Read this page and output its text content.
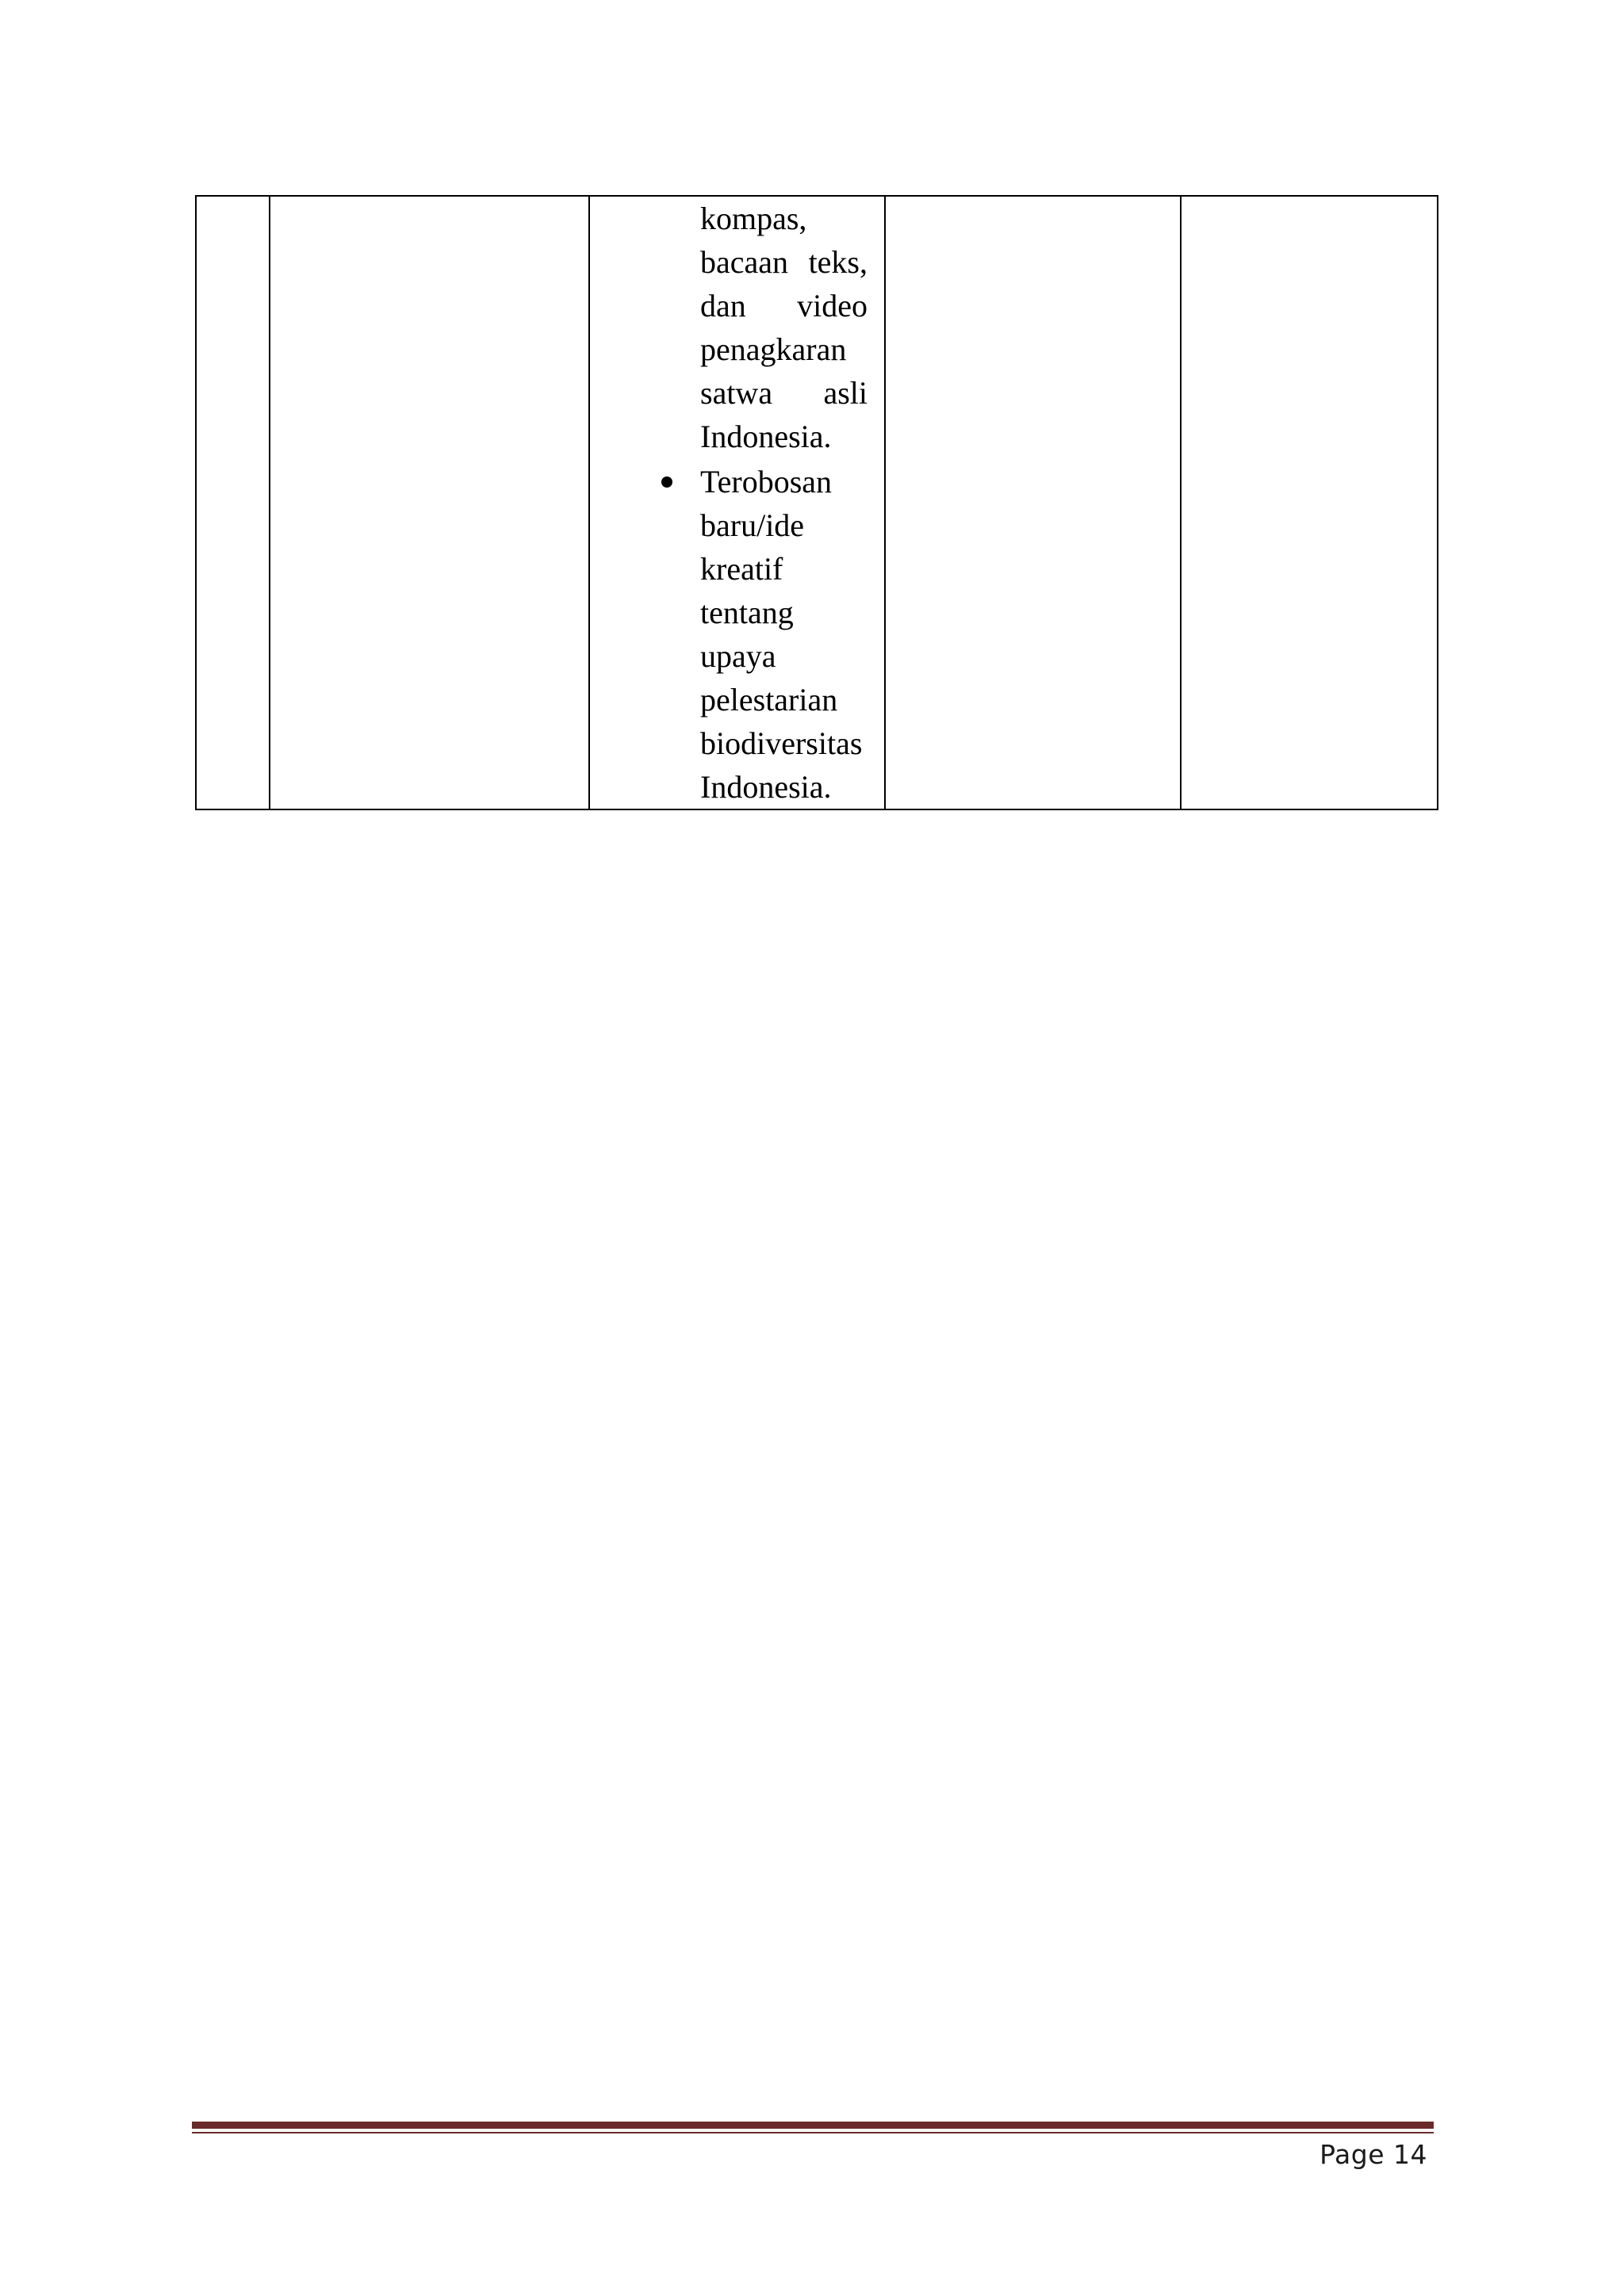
kompas,
bacaan teks,
dan video
penagkaran
satwa asli
Indonesia.
Terobosan
baru/ide
kreatif
tentang
upaya
pelestarian
biodiversitas
Indonesia.

Page 14
